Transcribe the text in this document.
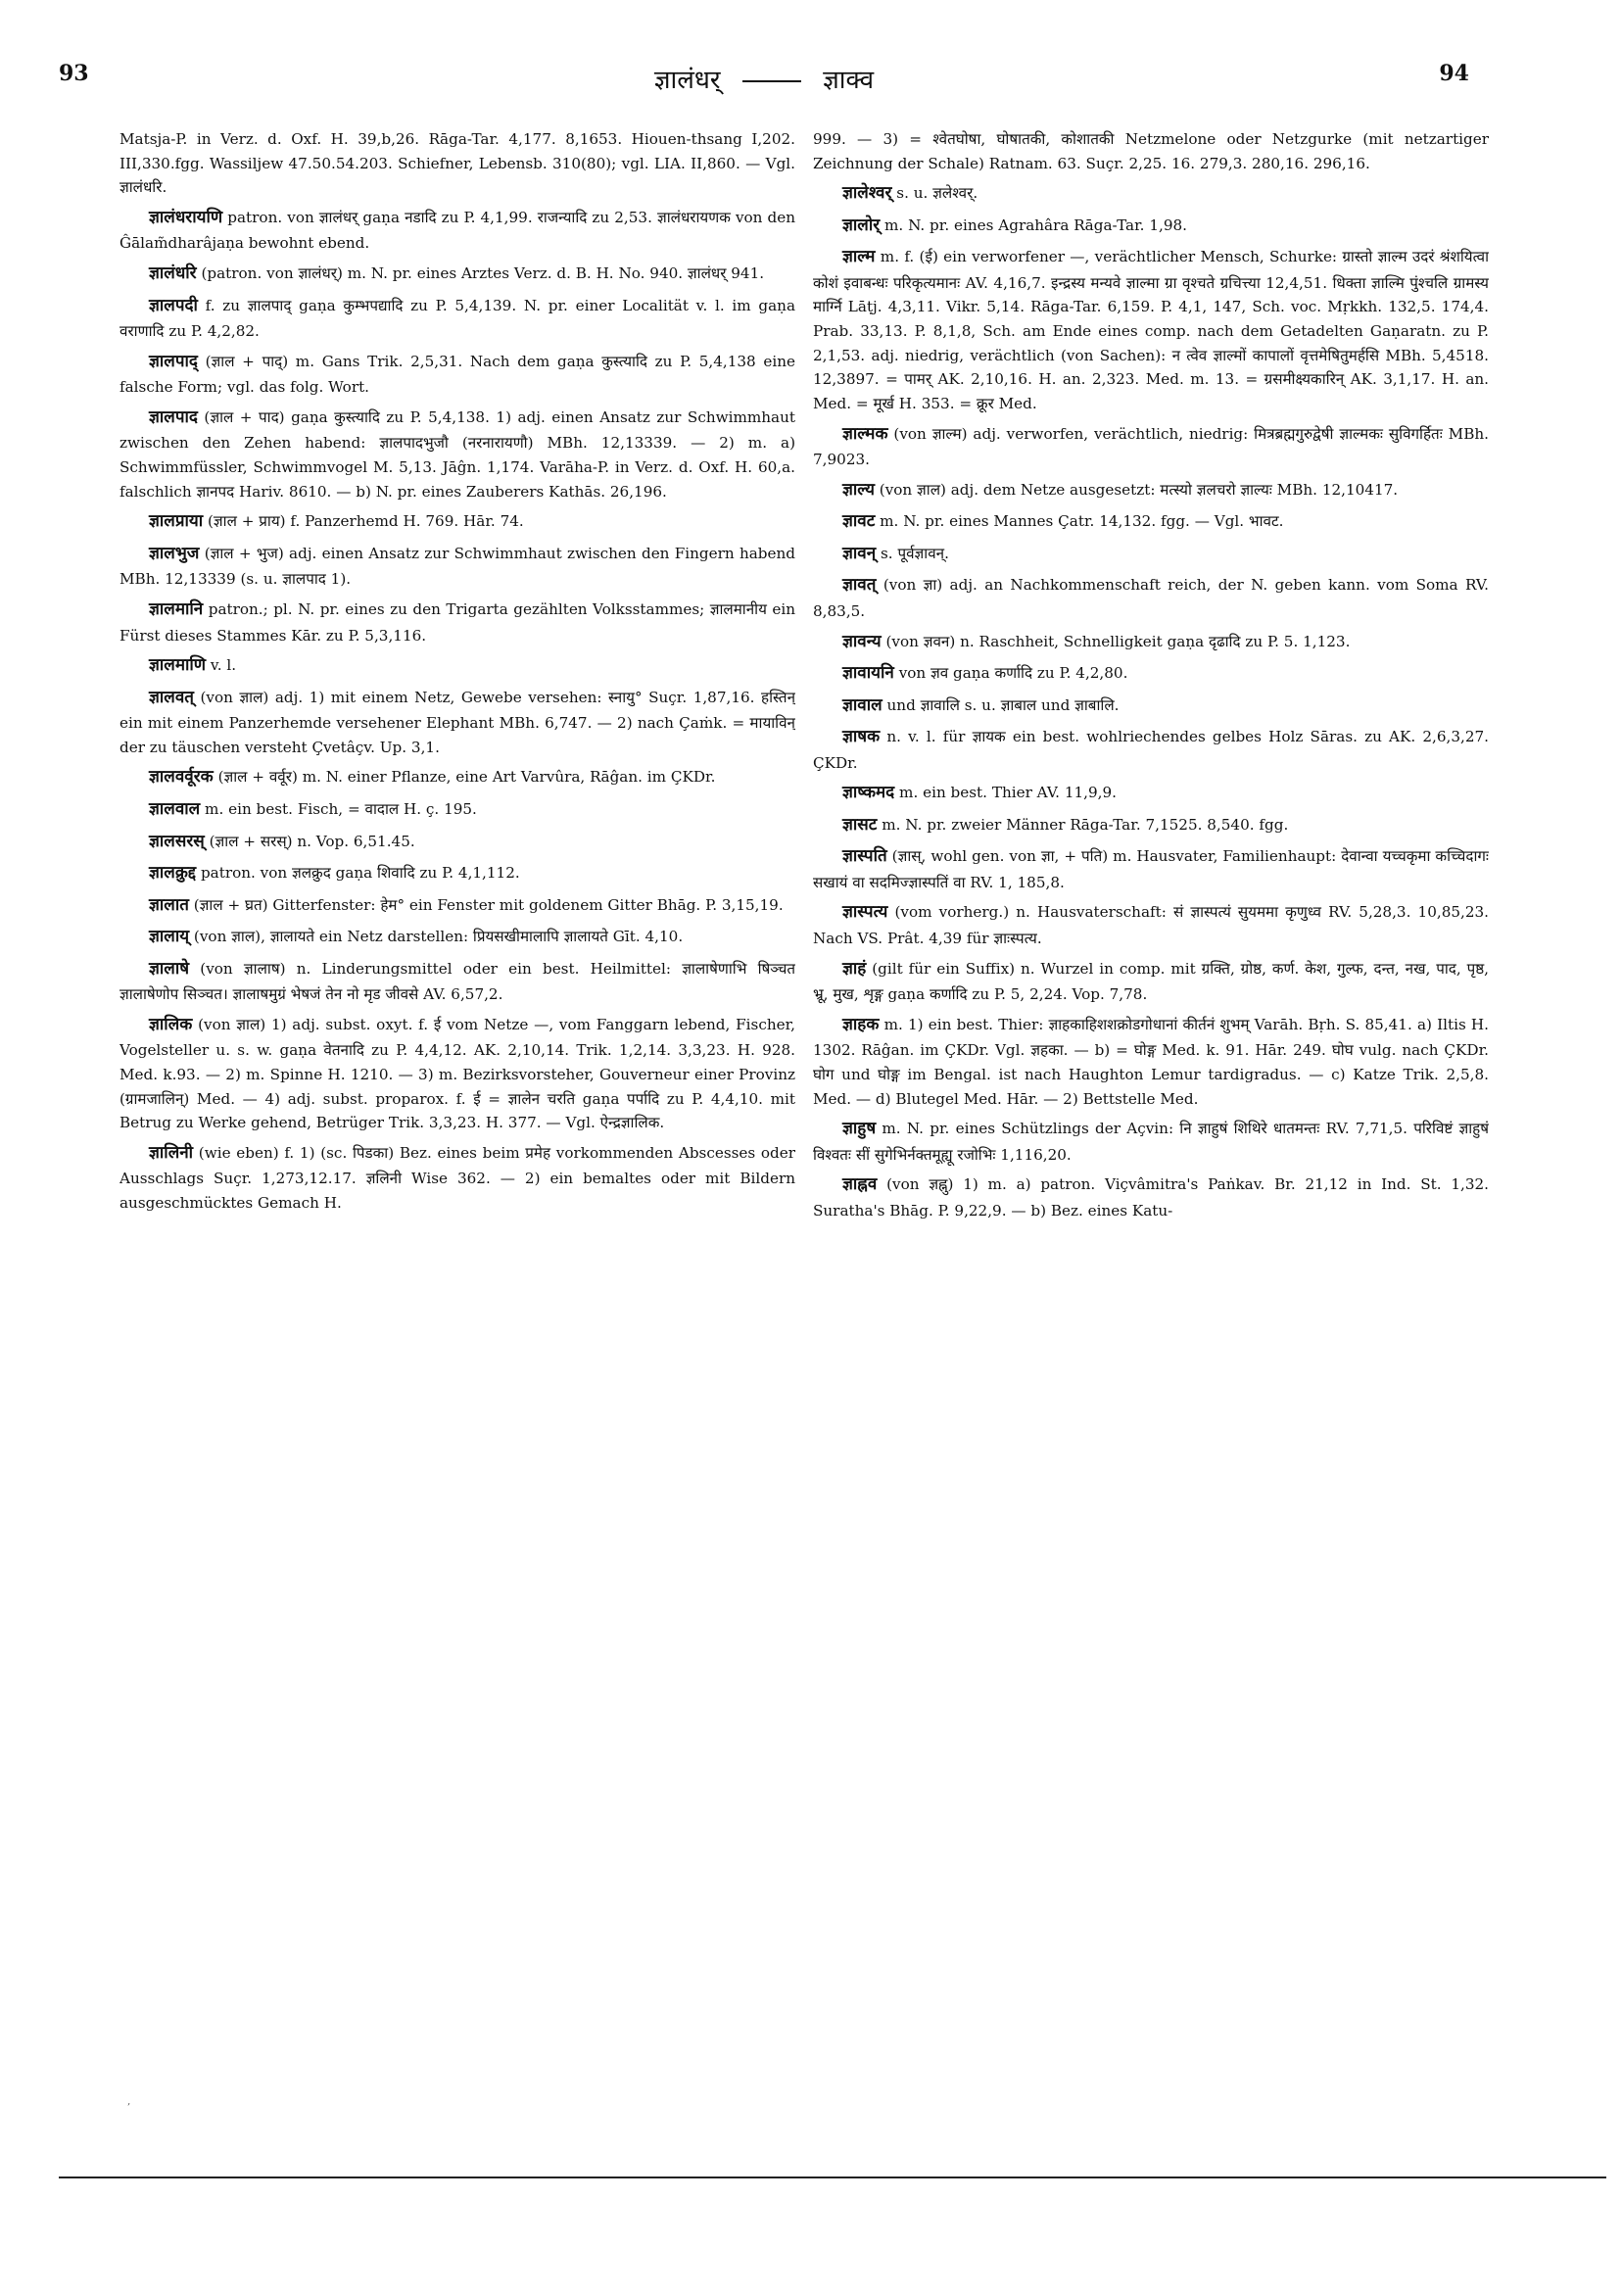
93	ज्ञालंधर्	ज्ञाक्व	94

Matsja-P. in Verz. d. Oxf. H. 39,b,26. Rāga-Tar. 4,177. 8,1653. Hiouen-thsang I,202. III,330.fgg. Wassiljew 47.50.54.203. Schiefner, Lebensb. 310(80); vgl. LIA. II,860. — Vgl. ज्ञालंधरि.

ज्ञालंधरायणि patron. von ज्ञालंधर् gaṇa नडादि zu P. 4,1,99. राजन्यादि zu 2,53. ज्ञालंधरायणक von den Ĝālam̃dharâjaṇa bewohnt ebend.

ज्ञालंधरि (patron. von ज्ञालंधर्) m. N. pr. eines Arztes Verz. d. B. H. No. 940. ज्ञालंधर् 941.

ज्ञालपदी f. zu ज्ञालपाद् gaṇa कुम्भपद्यादि zu P. 5,4,139. N. pr. einer Localität v. l. im gaṇa वराणादि zu P. 4,2,82.

ज्ञालपाद् (ज्ञाल + पाद्) m. Gans Trik. 2,5,31. Nach dem gaṇa कुस्त्यादि zu P. 5,4,138 eine falsche Form; vgl. das folg. Wort.

ज्ञालपाद (ज्ञाल + पाद) gaṇa कुस्त्यादि zu P. 5,4,138. 1) adj. einen Ansatz zur Schwimmhaut zwischen den Zehen habend: ज्ञालपादभुजौ (नरनारायणौ) MBh. 12,13339. — 2) m. a) Schwimmfüssler, Schwimmvogel M. 5,13. Jāĝn. 1,174. Varāha-P. in Verz. d. Oxf. H. 60,a. falschlich ज्ञानपद Hariv. 8610. — b) N. pr. eines Zauberers Kathās. 26,196.

ज्ञालप्राया (ज्ञाल + प्राय) f. Panzerhemd H. 769. Hār. 74.

ज्ञालभुज (ज्ञाल + भुज) adj. einen Ansatz zur Schwimmhaut zwischen den Fingern habend MBh. 12,13339 (s. u. ज्ञालपाद 1).

ज्ञालमानि patron.; pl. N. pr. eines zu den Trigarta gezählten Volksstammes; ज्ञालमानीय ein Fürst dieses Stammes Kār. zu P. 5,3,116.

ज्ञालमाणि v. l.

ज्ञालवत् (von ज्ञाल) adj. 1) mit einem Netz, Gewebe versehen: स्नायु° Suçr. 1,87,16. हस्तिन् ein mit einem Panzerhemde versehener Elephant MBh. 6,747. — 2) nach Çaṁk. = मायाविन् der zu täuschen versteht Çvetâçv. Up. 3,1.

ज्ञालवर्वूरक (ज्ञाल + वर्वूर) m. N. einer Pflanze, eine Art Varvûra, Rāĝan. im ÇKDr.

ज्ञालवाल m. ein best. Fisch, = वादाल H. ç. 195.

ज्ञालसरस् (ज्ञाल + सरस्) n. Vop. 6,51.45.

ज्ञालक्रुद्द patron. von ज्ञलक्रुद gaṇa शिवादि zu P. 4,1,112.

ज्ञालात (ज्ञाल + घ्रत) Gitterfenster: हेम° ein Fenster mit goldenem Gitter Bhāg. P. 3,15,19.

ज्ञालाय् (von ज्ञाल), ज्ञालायते ein Netz darstellen: प्रियसखीमालापि ज्ञालायते Gīt. 4,10.

ज्ञालाषे (von ज्ञालाष) n. Linderungsmittel oder ein best. Heilmittel: ज्ञालाषेणाभि षिञ्चत ज्ञालाषेणोप सिञ्चत। ज्ञालाषमुग्रं भेषजं तेन नो मृड जीवसे AV. 6,57,2.

ज्ञालिक (von ज्ञाल) 1) adj. subst. oxyt. f. ई vom Netze —, vom Fanggarn lebend, Fischer, Vogelsteller u. s. w. gaṇa वेतनादि zu P. 4,4,12. AK. 2,10,14. Trik. 1,2,14. 3,3,23. H. 928. Med. k.93. — 2) m. Spinne H. 1210. — 3) m. Bezirksvorsteher, Gouverneur einer Provinz (ग्रामजालिन्) Med. — 4) adj. subst. proparox. f. ई = ज्ञालेन चरति gaṇa पर्पादि zu P. 4,4,10. mit Betrug zu Werke gehend, Betrüger Trik. 3,3,23. H. 377. — Vgl. ऐन्द्रज्ञालिक.

ज्ञालिनी (wie eben) f. 1) (sc. पिडका) Bez. eines beim प्रमेह vorkommenden Abscesses oder Ausschlags Suçr. 1,273,12.17. ज्ञलिनी Wise 362. — 2) ein bemaltes oder mit Bildern ausgeschmücktes Gemach H.

999. — 3) = श्वेतघोषा, घोषातकी, कोशातकी Netzmelone oder Netzgurke (mit netzartiger Zeichnung der Schale) Ratnam. 63. Suçr. 2,25. 16. 279,3. 280,16. 296,16.

ज्ञालेश्वर् s. u. ज्ञलेश्वर्.

ज्ञालोर् m. N. pr. eines Agrahâra Rāga-Tar. 1,98.

ज्ञाल्म m. f. (ई) ein verworfener —, verächtlicher Mensch, Schurke: ग्रास्तो ज्ञाल्म उदरं श्रंशयित्वा कोशं इवाबन्धः परिकृत्यमानः AV. 4,16,7. इन्द्रस्य मन्यवे ज्ञाल्मा ग्रा वृश्चते ग्रचित्त्या 12,4,51. धिक्ता ज्ञाल्मि पुंश्चलि ग्रामस्य मार्ग्नि Lāṭj. 4,3,11. Vikr. 5,14. Rāga-Tar. 6,159. P. 4,1, 147, Sch. voc. Mṛkkh. 132,5. 174,4. Prab. 33,13. P. 8,1,8, Sch. am Ende eines comp. nach dem Getadelten Gaṇaratn. zu P. 2,1,53. adj. niedrig, verächtlich (von Sachen): न त्वेव ज्ञाल्मों कापालों वृत्तमेषितुमर्हसि MBh. 5,4518. 12,3897. = पामर् AK. 2,10,16. H. an. 2,323. Med. m. 13. = ग्रसमीक्ष्यकारिन् AK. 3,1,17. H. an. Med. = मूर्ख H. 353. = क्रूर Med.

ज्ञाल्मक (von ज्ञाल्म) adj. verworfen, verächtlich, niedrig: मित्रब्रह्मगुरुद्वेषी ज्ञाल्मकः सुविगर्हितः MBh. 7,9023.

ज्ञाल्य (von ज्ञाल) adj. dem Netze ausgesetzt: मत्स्यो ज्ञलचरो ज्ञाल्यः MBh. 12,10417.

ज्ञावट m. N. pr. eines Mannes Çatr. 14,132. fgg. — Vgl. भावट.

ज्ञावन् s. पूर्वज्ञावन्.

ज्ञावत् (von ज्ञा) adj. an Nachkommenschaft reich, der N. geben kann. vom Soma RV. 8,83,5.

ज्ञावन्य (von ज्ञवन) n. Raschheit, Schnelligkeit gaṇa दृढादि zu P. 5. 1,123.

ज्ञावायनि von ज्ञव gaṇa कर्णादि zu P. 4,2,80.

ज्ञावाल und ज्ञावालि s. u. ज्ञाबाल und ज्ञाबालि.

ज्ञाषक n. v. l. für ज्ञायक ein best. wohlriechendes gelbes Holz Sāras. zu AK. 2,6,3,27. ÇKDr.

ज्ञाष्कमद m. ein best. Thier AV. 11,9,9.

ज्ञासट m. N. pr. zweier Männer Rāga-Tar. 7,1525. 8,540. fgg.

ज्ञास्पति (ज्ञास्, wohl gen. von ज्ञा, + पति) m. Hausvater, Familienhaupt: देवान्वा यच्चकृमा कच्चिदागः सखायं वा सदमिज्ज्ञास्पतिं वा RV. 1, 185,8.

ज्ञास्पत्य (vom vorherg.) n. Hausvaterschaft: सं ज्ञास्पत्यं सुयममा कृणुध्व RV. 5,28,3. 10,85,23. Nach VS. Prât. 4,39 für ज्ञाःस्पत्य.

ज्ञाहं (gilt für ein Suffix) n. Wurzel in comp. mit ग्रक्ति, ग्रोष्ठ, कर्ण. केश, गुल्फ, दन्त, नख, पाद, पृष्ठ, भ्रू, मुख, शृङ्ग gaṇa कर्णादि zu P. 5, 2,24. Vop. 7,78.

ज्ञाहक m. 1) ein best. Thier: ज्ञाहकाहिशशक्रोडगोधानां कीर्तनं शुभम् Varāh. Bṛh. S. 85,41. a) Iltis H. 1302. Rāĝan. im ÇKDr. Vgl. ज्ञहका. — b) = घोङ्ग Med. k. 91. Hār. 249. घोघ vulg. nach ÇKDr. घोग und घोङ्ग im Bengal. ist nach Haughton Lemur tardigradus. — c) Katze Trik. 2,5,8. Med. — d) Blutegel Med. Hār. — 2) Bettstelle Med.

ज्ञाहुष m. N. pr. eines Schützlings der Açvin: नि ज्ञाहुषं शिथिरे धातमन्तः RV. 7,71,5. परिविष्टं ज्ञाहुषं विश्वतः सीं सुगेभिर्नक्तमूह्यू रजोभिः 1,116,20.

ज्ञाह्नव (von ज्ञह्नु) 1) m. a) patron. Viçvâmitra's Paṅkav. Br. 21,12 in Ind. St. 1,32. Suratha's Bhāg. P. 9,22,9. — b) Bez. eines Katu-

‚
